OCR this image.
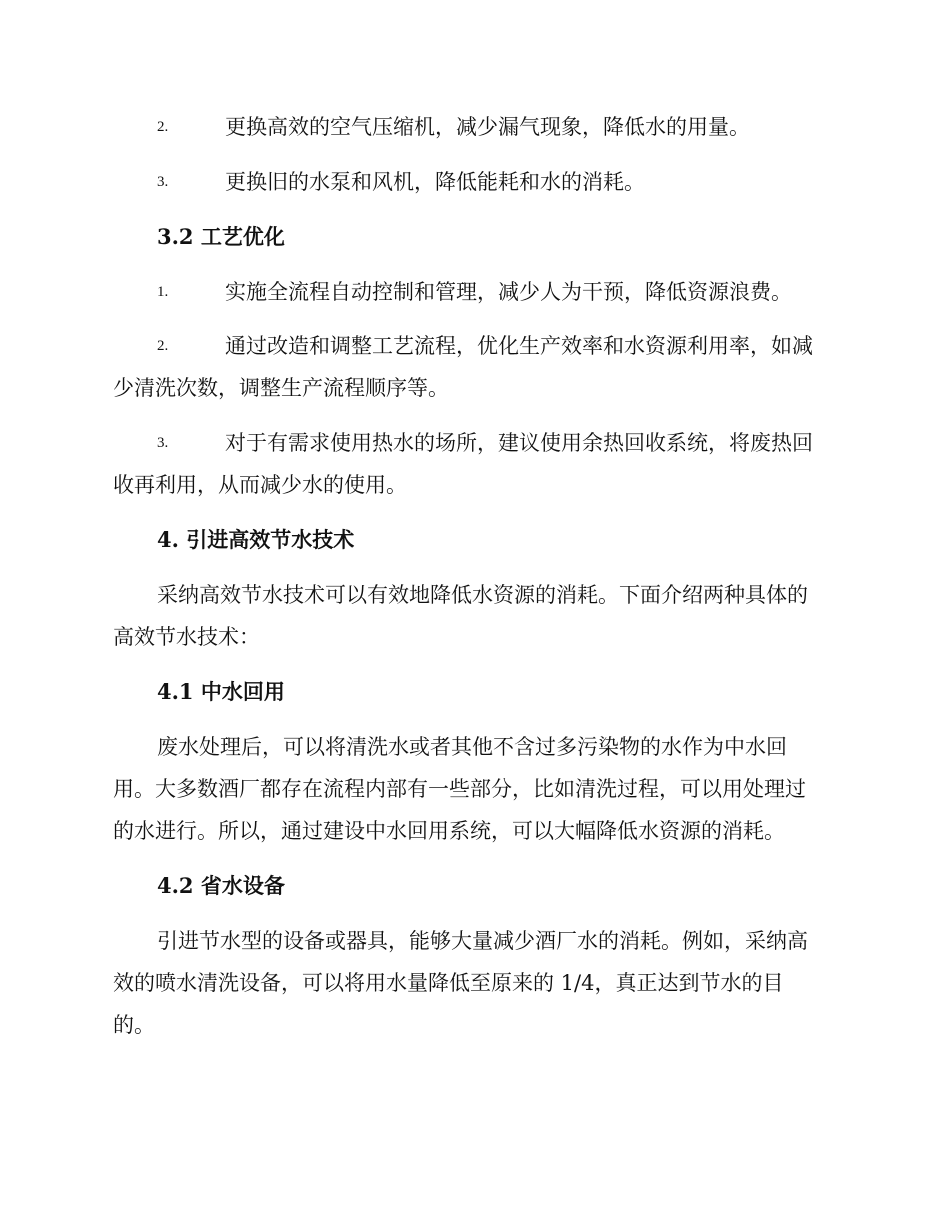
2.	更换高效的空气压缩机，减少漏气现象，降低水的用量。
3.	更换旧的水泵和风机，降低能耗和水的消耗。
3.2 工艺优化
1.	实施全流程自动控制和管理，减少人为干预，降低资源浪费。
2.	通过改造和调整工艺流程，优化生产效率和水资源利用率，如减
少清洗次数，调整生产流程顺序等。
3.	对于有需求使用热水的场所，建议使用余热回收系统，将废热回
收再利用，从而减少水的使用。
4. 引进高效节水技术
采纳高效节水技术可以有效地降低水资源的消耗。下面介绍两种具体的
高效节水技术：
4.1 中水回用
废水处理后，可以将清洗水或者其他不含过多污染物的水作为中水回
用。大多数酒厂都存在流程内部有一些部分，比如清洗过程，可以用处理过
的水进行。所以，通过建设中水回用系统，可以大幅降低水资源的消耗。
4.2 省水设备
引进节水型的设备或器具，能够大量减少酒厂水的消耗。例如，采纳高
效的喷水清洗设备，可以将用水量降低至原来的 1/4，真正达到节水的目
的。
